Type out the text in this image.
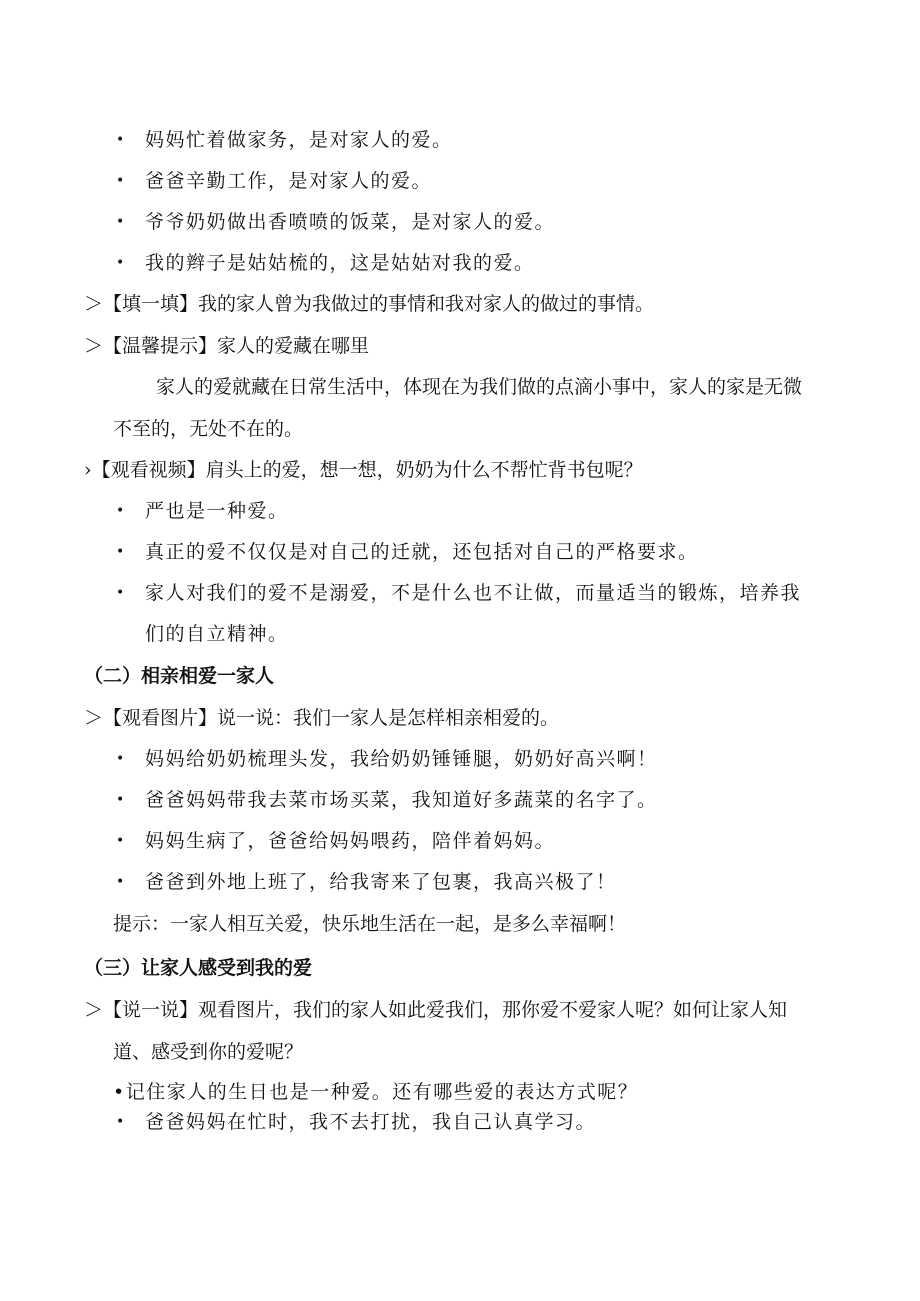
• 妈妈忙着做家务，是对家人的爱。
• 爸爸辛勤工作，是对家人的爱。
• 爷爷奶奶做出香喷喷的饭菜，是对家人的爱。
• 我的辫子是姑姑梳的，这是姑姑对我的爱。
＞【填一填】我的家人曾为我做过的事情和我对家人的做过的事情。
＞【温馨提示】家人的爱藏在哪里
家人的爱就藏在日常生活中，体现在为我们做的点滴小事中，家人的家是无微
不至的，无处不在的。
›【观看视频】肩头上的爱，想一想，奶奶为什么不帮忙背书包呢？
• 严也是一种爱。
• 真正的爱不仅仅是对自己的迁就，还包括对自己的严格要求。
• 家人对我们的爱不是溺爱，不是什么也不让做，而量适当的锻炼，培养我
们的自立精神。
（二）相亲相爱一家人
＞【观看图片】说一说：我们一家人是怎样相亲相爱的。
• 妈妈给奶奶梳理头发，我给奶奶锤锤腿，奶奶好高兴啊！
• 爸爸妈妈带我去菜市场买菜，我知道好多蔬菜的名字了。
• 妈妈生病了，爸爸给妈妈喂药，陪伴着妈妈。
• 爸爸到外地上班了，给我寄来了包裹，我高兴极了！
提示：一家人相互关爱，快乐地生活在一起，是多么幸福啊！
（三）让家人感受到我的爱
＞【说一说】观看图片，我们的家人如此爱我们，那你爱不爱家人呢？如何让家人知
道、感受到你的爱呢？
•记住家人的生日也是一种爱。还有哪些爱的表达方式呢？
• 爸爸妈妈在忙时，我不去打扰，我自己认真学习。
